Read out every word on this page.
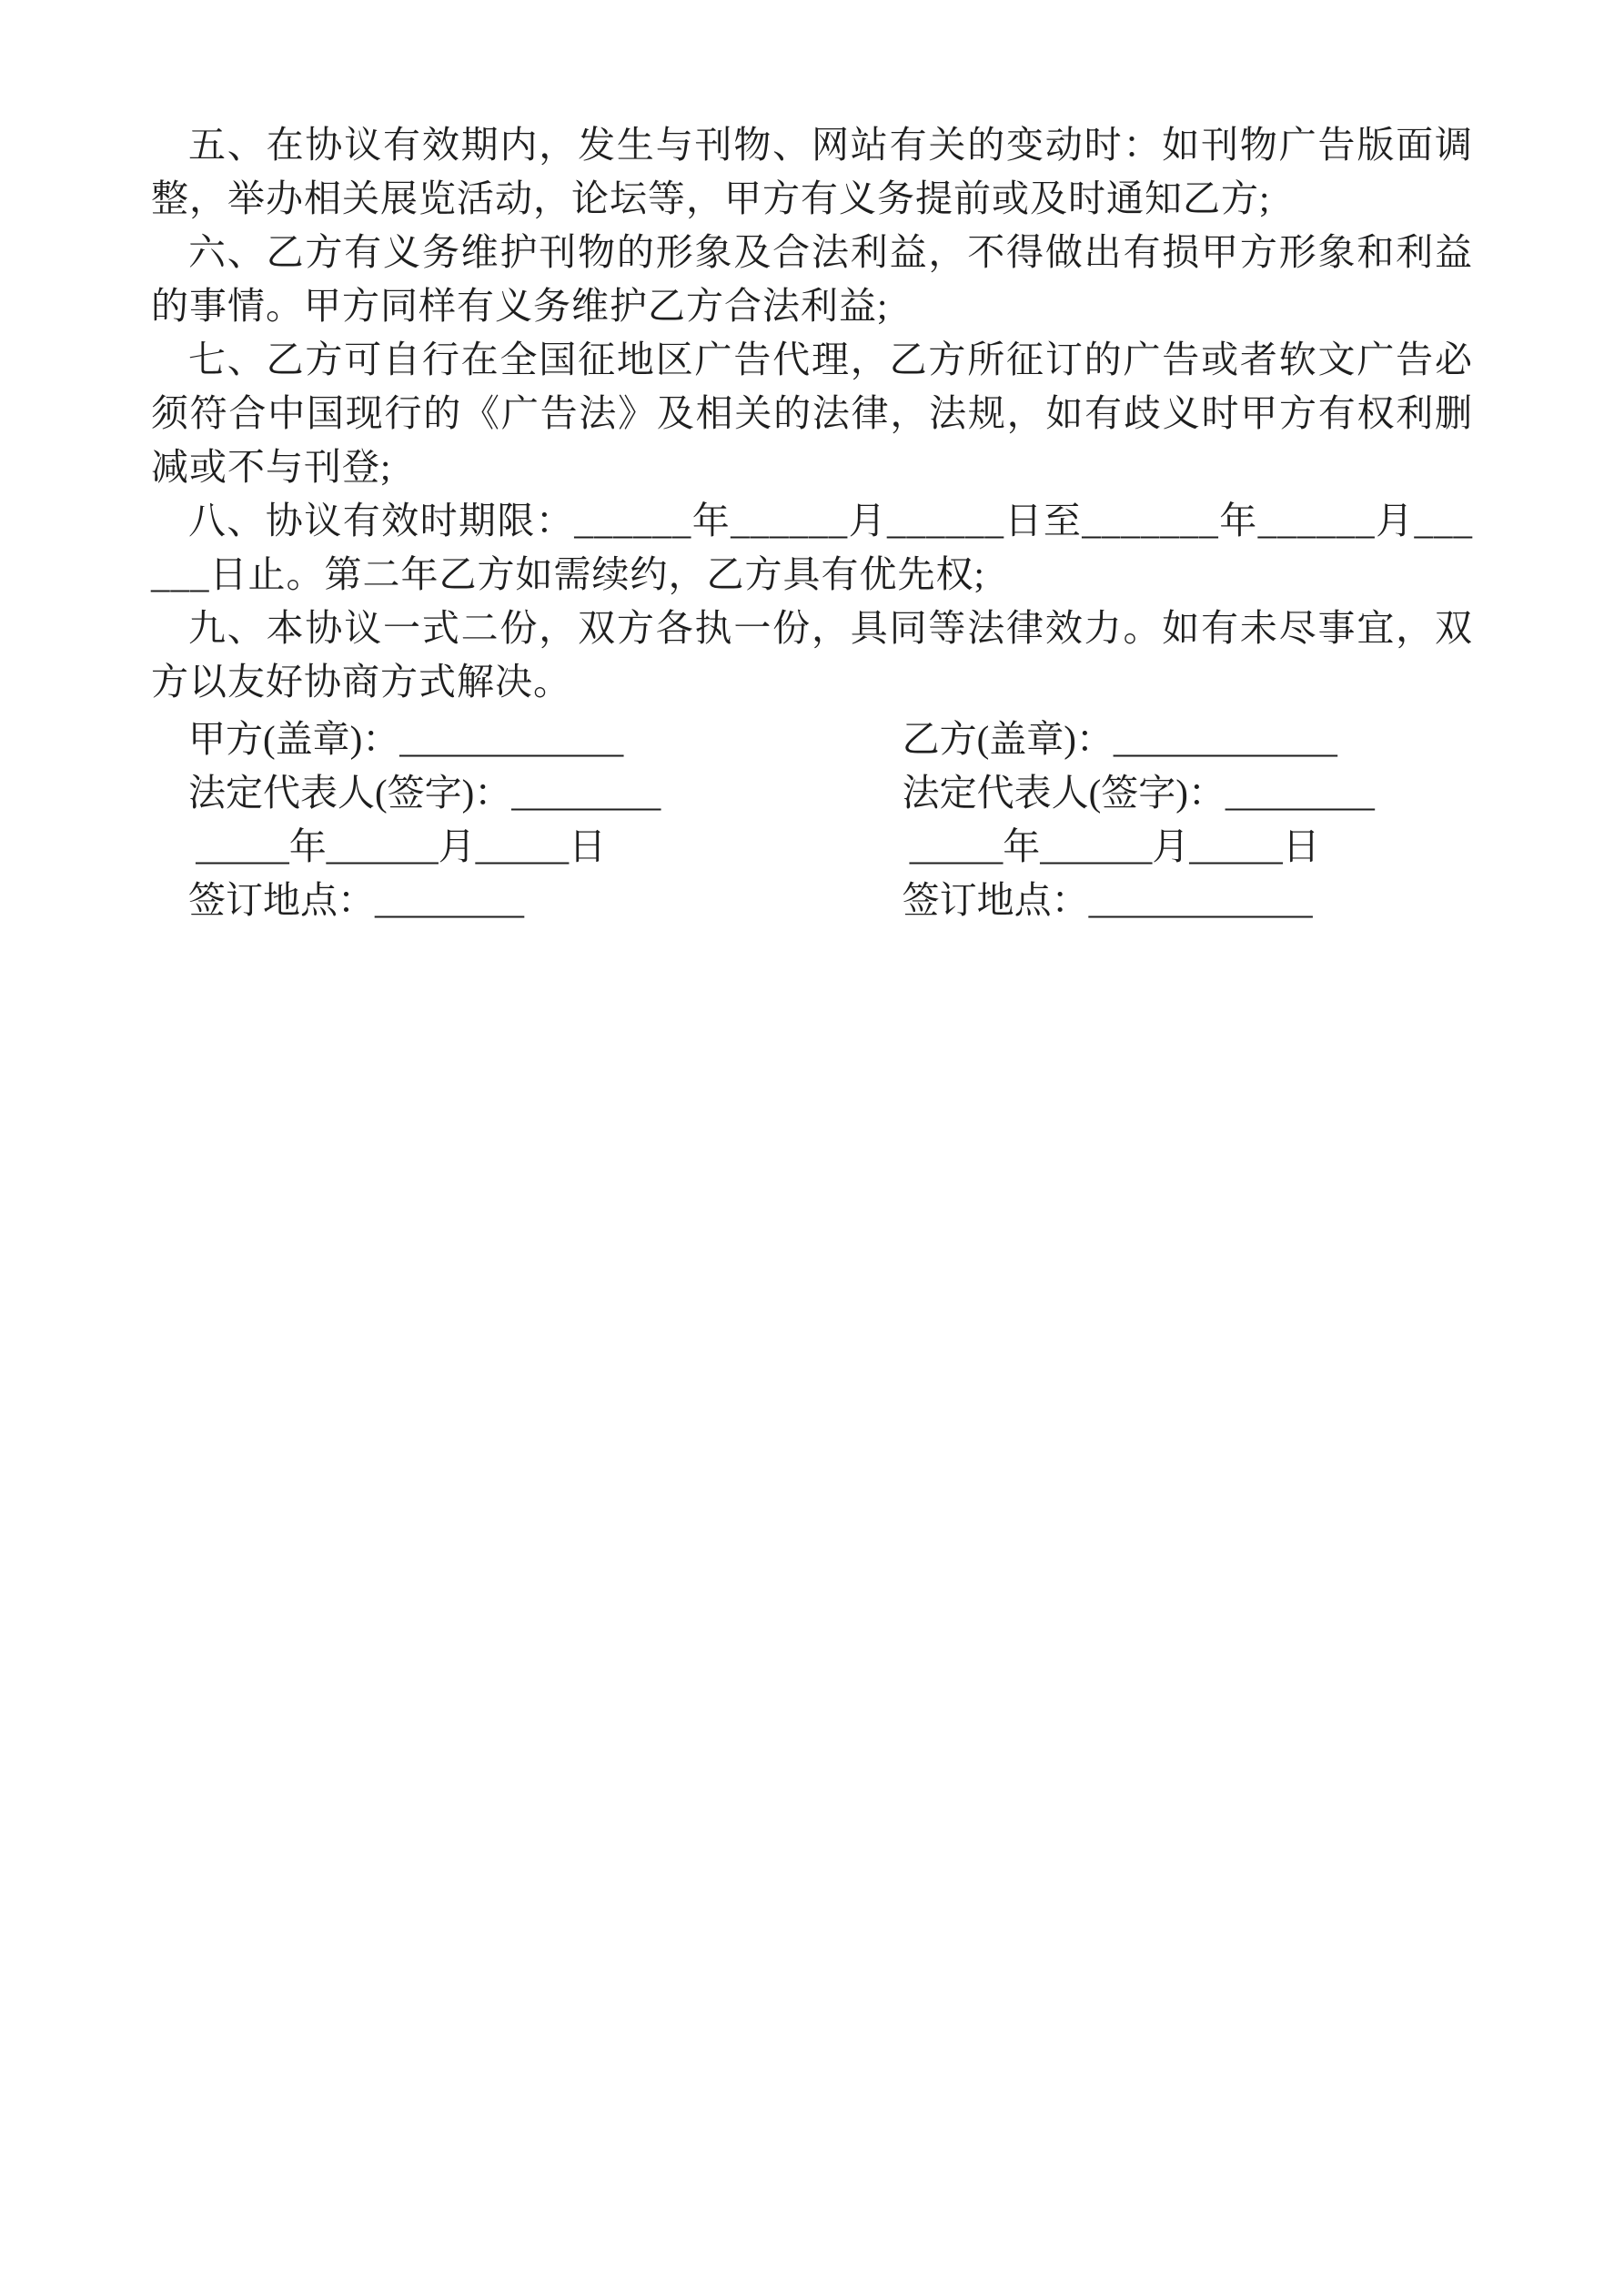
五、在协议有效期内，发生与刊物、网站有关的变动时：如刊物广告版面调整，举办相关展览活动，论坛等，甲方有义务提前或及时通知乙方;

六、乙方有义务维护刊物的形象及合法利益，不得做出有损甲方形象和利益的事情。甲方同样有义务维护乙方合法利益;

七、乙方可自行在全国征地区广告代理，乙方所征订的广告或者软文广告必须符合中国现行的《广告法》及相关的法律，法规，如有歧义时甲方有权利删减或不与刊登;

八、协议有效时期限：______年______月______日至_______年______月______日止。第二年乙方如需续约，乙方具有优先权;

九、本协议一式二份，双方各执一份，具同等法律效力。如有未尽事宜，双方以友好协商方式解决。

甲方(盖章)：____________	乙方(盖章)：____________
法定代表人(签字)：________	法定代表人(签字)：________
_____年______月_____日	_____年______月_____日
签订地点：________	签订地点：____________
